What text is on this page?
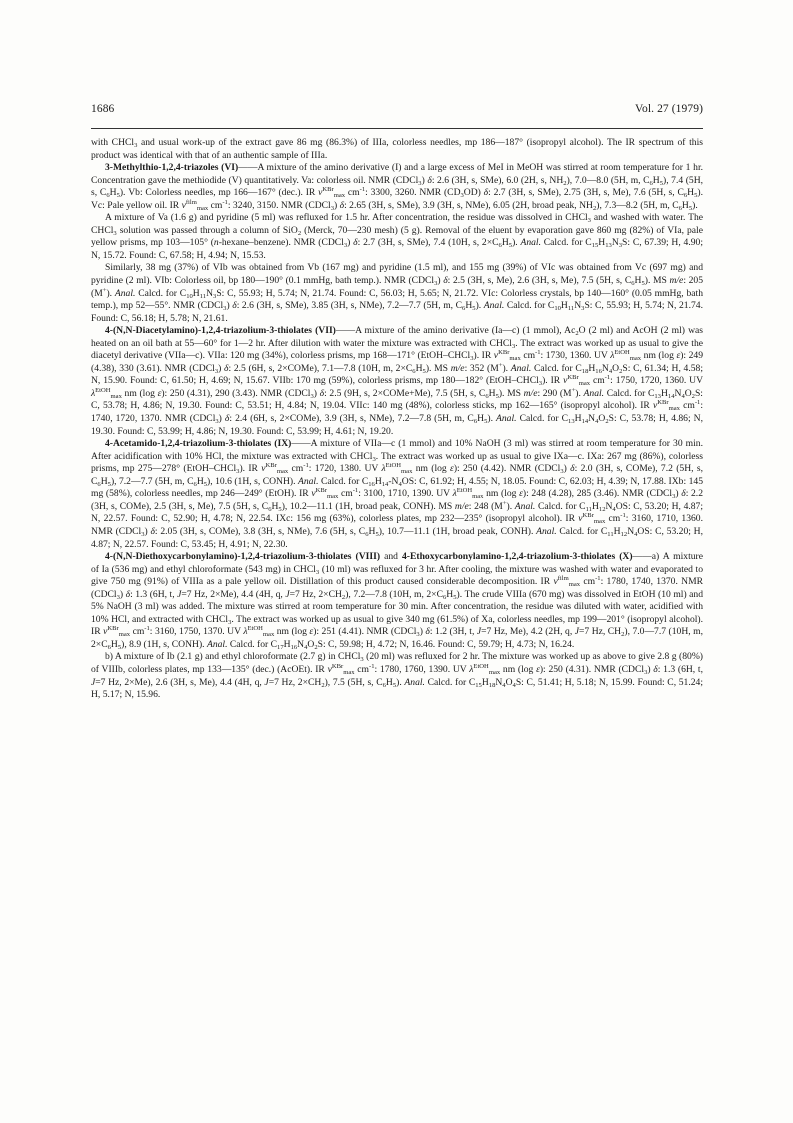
1686	Vol. 27 (1979)

with CHCl$_3$ and usual work-up of the extract gave 86 mg (86.3%) of IIIa, colorless needles, mp 186—187° (isopropyl alcohol). The IR spectrum of this product was identical with that of an authentic sample of IIIa.

3-Methylthio-1,2,4-triazoles (VI)——A mixture of the amino derivative (I) and a large excess of MeI in MeOH was stirred at room temperature for 1 hr. Concentration gave the methiodide (V) quantitatively. Va: colorless oil. NMR (CDCl$_3$) δ: 2.6 (3H, s, SMe), 6.0 (2H, s, $NH_2$), 7.0—8.0 (5H, m, $C_6H_5$), 7.4 (5H, s, $C_6H_5$). Vb: Colorless needles, mp 166—167° (dec.). IR $\nu^{KBr}_{max}$ $cm^{-1}$: 3300, 3260. NMR $(CD_3OD)$ δ: 2.7 (3H, s, SMe), 2.75 (3H, s, Me), 7.6 (5H, s, $C_6H_5$). Vc: Pale yellow oil. IR $\nu^{film}_{max}$ $cm^{-1}$: 3240, 3150. NMR (CDCl$_3$) δ: 2.65 (3H, s, SMe), 3.9 (3H, s, NMe), 6.05 (2H, broad peak, $NH_2$), 7.3—8.2 (5H, m, $C_6H_5$).

A mixture of Va (1.6 g) and pyridine (5 ml) was refluxed for 1.5 hr. After concentration, the residue was dissolved in CHCl$_3$ and washed with water. The CHCl$_3$ solution was passed through a column of SiO$_2$ (Merck, 70—230 mesh) (5 g). Removal of the eluent by evaporation gave 860 mg (82%) of VIa, pale yellow prisms, mp 103—105° (n-hexane–benzene). NMR (CDCl$_3$) δ: 2.7 (3H, s, SMe), 7.4 (10H, s, $2\times C_6H_5$). Anal. Calcd. for $C_{15}H_{13}N_3S$: C, 67.39; H, 4.90; N, 15.72. Found: C, 67.58; H, 4.94; N, 15.53.

Similarly, 38 mg (37%) of VIb was obtained from Vb (167 mg) and pyridine (1.5 ml), and 155 mg (39%) of VIc was obtained from Vc (697 mg) and pyridine (2 ml). VIb: Colorless oil, bp 180—190° (0.1 mmHg, bath temp.). NMR (CDCl$_3$) δ: 2.5 (3H, s, Me), 2.6 (3H, s, Me), 7.5 (5H, s, $C_6H_5$). MS m/e: 205 (M+). Anal. Calcd. for $C_{10}H_{11}N_3S$: C, 55.93; H, 5.74; N, 21.74. Found: C, 56.03; H, 5.65; N, 21.72. VIc: Colorless crystals, bp 140—160° (0.05 mmHg, bath temp.), mp 52—55°. NMR (CDCl$_3$) δ: 2.6 (3H, s, SMe), 3.85 (3H, s, NMe), 7.2—7.7 (5H, m, $C_6H_5$). Anal. Calcd. for $C_{10}H_{11}N_3S$: C, 55.93; H, 5.74; N, 21.74. Found: C, 56.18; H, 5.78; N, 21.61.

4-(N,N-Diacetylamino)-1,2,4-triazolium-3-thiolates (VII)——A mixture of the amino derivative (Ia—c) (1 mmol), $Ac_2O$ (2 ml) and AcOH (2 ml) was heated on an oil bath at 55—60° for 1—2 hr. After dilution with water the mixture was extracted with CHCl$_3$. The extract was worked up as usual to give the diacetyl derivative (VIIa—c). VIIa: 120 mg (34%), colorless prisms, mp 168—171° (EtOH–CHCl$_3$). IR $\nu^{KBr}_{max}$ $cm^{-1}$: 1730, 1360. UV $\lambda^{EtOH}_{max}$ nm (log ε): 249 (4.38), 330 (3.61). NMR (CDCl$_3$) δ: 2.5 (6H, s, 2×COMe), 7.1—7.8 (10H, m, $2\times C_6H_5$). MS m/e: 352 (M+). Anal. Calcd. for $C_{18}H_{16}N_4O_2S$: C, 61.34; H, 4.58; N, 15.90. Found: C, 61.50; H, 4.69; N, 15.67. VIIb: 170 mg (59%), colorless prisms, mp 180—182° (EtOH–CHCl$_3$). IR $\nu^{KBr}_{max}$ $cm^{-1}$: 1750, 1720, 1360. UV $\lambda^{EtOH}_{max}$ nm (log ε): 250 (4.31), 290 (3.43). NMR (CDCl$_3$) δ: 2.5 (9H, s, 2×COMe+Me), 7.5 (5H, s, $C_6H_5$). MS m/e: 290 (M+). Anal. Calcd. for $C_{13}H_{14}N_4O_2S$: C, 53.78; H, 4.86; N, 19.30. Found: C, 53.51; H, 4.84; N, 19.04. VIIc: 140 mg (48%), colorless sticks, mp 162—165° (isopropyl alcohol). IR $\nu^{KBr}_{max}$ $cm^{-1}$: 1740, 1720, 1370. NMR (CDCl$_3$) δ: 2.4 (6H, s, 2×COMe), 3.9 (3H, s, NMe), 7.2—7.8 (5H, m, $C_6H_5$). Anal. Calcd. for $C_{13}H_{14}N_4O_2S$: C, 53.78; H, 4.86; N, 19.30. Found: C, 53.99; H, 4.86; N, 19.30. Found: C, 53.99; H, 4.61; N, 19.20.

4-Acetamido-1,2,4-triazolium-3-thiolates (IX)——A mixture of VIIa—c (1 mmol) and 10% NaOH (3 ml) was stirred at room temperature for 30 min. After acidification with 10% HCl, the mixture was extracted with CHCl$_3$. The extract was worked up as usual to give IXa—c. IXa: 267 mg (86%), colorless prisms, mp 275—278° (EtOH–CHCl$_3$). IR $\nu^{KBr}_{max}$ $cm^{-1}$: 1720, 1380. UV $\lambda^{EtOH}_{max}$ nm (log ε): 250 (4.42). NMR (CDCl$_3$) δ: 2.0 (3H, s, COMe), 7.2 (5H, s, $C_6H_5$), 7.2—7.7 (5H, m, $C_6H_5$), 10.6 (1H, s, CONH). Anal. Calcd. for $C_{16}H_{14}-N_4OS$: C, 61.92; H, 4.55; N, 18.05. Found: C, 62.03; H, 4.39; N, 17.88. IXb: 145 mg (58%), colorless needles, mp 246—249° (EtOH). IR $\nu^{KBr}_{max}$ $cm^{-1}$: 3100, 1710, 1390. UV $\lambda^{EtOH}_{max}$ nm (log ε): 248 (4.28), 285 (3.46). NMR (CDCl$_3$) δ: 2.2 (3H, s, COMe), 2.5 (3H, s, Me), 7.5 (5H, s, $C_6H_5$), 10.2—11.1 (1H, broad peak, CONH). MS m/e: 248 (M+). Anal. Calcd. for $C_{11}H_{12}N_4OS$: C, 53.20; H, 4.87; N, 22.57. Found: C, 52.90; H, 4.78; N, 22.54. IXc: 156 mg (63%), colorless plates, mp 232—235° (isopropyl alcohol). IR $\nu^{KBr}_{max}$ $cm^{-1}$: 3160, 1710, 1360. NMR (CDCl$_3$) δ: 2.05 (3H, s, COMe), 3.8 (3H, s, NMe), 7.6 (5H, s, $C_6H_5$), 10.7—11.1 (1H, broad peak, CONH). Anal. Calcd. for $C_{11}H_{12}N_4OS$: C, 53.20; H, 4.87; N, 22.57. Found: C, 53.45; H, 4.91; N, 22.30.

4-(N,N-Diethoxycarbonylamino)-1,2,4-triazolium-3-thiolates (VIII) and 4-Ethoxycarbonylamino-1,2,4-triazolium-3-thiolates (X)——a) A mixture of Ia (536 mg) and ethyl chloroformate (543 mg) in CHCl$_3$ (10 ml) was refluxed for 3 hr. After cooling, the mixture was washed with water and evaporated to give 750 mg (91%) of VIIIa as a pale yellow oil. Distillation of this product caused considerable decomposition. IR $\nu^{film}_{max}$ $cm^{-1}$: 1780, 1740, 1370. NMR (CDCl$_3$) δ: 1.3 (6H, t, J=7 Hz, 2×Me), 4.4 (4H, q, J=7 Hz, $2\times CH_2$), 7.2—7.8 (10H, m, $2\times C_6H_5$). The crude VIIIa (670 mg) was dissolved in EtOH (10 ml) and 5% NaOH (3 ml) was added. The mixture was stirred at room temperature for 30 min. After concentration, the residue was diluted with water, acidified with 10% HCl, and extracted with CHCl$_3$. The extract was worked up as usual to give 340 mg (61.5%) of Xa, colorless needles, mp 199—201° (isopropyl alcohol). IR $\nu^{KBr}_{max}$ $cm^{-1}$: 3160, 1750, 1370. UV $\lambda^{EtOH}_{max}$ nm (log ε): 251 (4.41). NMR (CDCl$_3$) δ: 1.2 (3H, t, J=7 Hz, Me), 4.2 (2H, q, J=7 Hz, $CH_2$), 7.0—7.7 (10H, m, $2\times C_6H_5$), 8.9 (1H, s, CONH). Anal. Calcd. for $C_{17}H_{16}N_4O_2S$: C, 59.98; H, 4.72; N, 16.46. Found: C, 59.79; H, 4.73; N, 16.24.

b) A mixture of Ib (2.1 g) and ethyl chloroformate (2.7 g) in CHCl$_3$ (20 ml) was refluxed for 2 hr. The mixture was worked up as above to give 2.8 g (80%) of VIIIb, colorless plates, mp 133—135° (dec.) (AcOEt). IR $\nu^{KBr}_{max}$ $cm^{-1}$: 1780, 1760, 1390. UV $\lambda^{EtOH}_{max}$ nm (log ε): 250 (4.31). NMR (CDCl$_3$) δ: 1.3 (6H, t, J=7 Hz, 2×Me), 2.6 (3H, s, Me), 4.4 (4H, q, J=7 Hz, $2\times CH_2$), 7.5 (5H, s, $C_6H_5$). Anal. Calcd. for $C_{15}H_{18}N_4O_4S$: C, 51.41; H, 5.18; N, 15.99. Found: C, 51.24; H, 5.17; N, 15.96.
